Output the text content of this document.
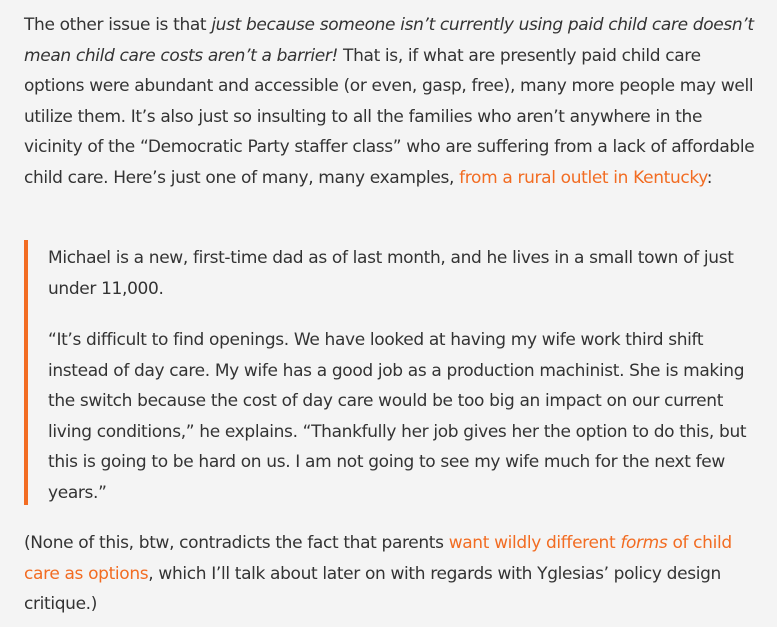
The other issue is that just because someone isn’t currently using paid child care doesn’t mean child care costs aren’t a barrier! That is, if what are presently paid child care options were abundant and accessible (or even, gasp, free), many more people may well utilize them. It’s also just so insulting to all the families who aren’t anywhere in the vicinity of the “Democratic Party staffer class” who are suffering from a lack of affordable child care. Here’s just one of many, many examples, from a rural outlet in Kentucky:

Michael is a new, first-time dad as of last month, and he lives in a small town of just under 11,000.

“It’s difficult to find openings. We have looked at having my wife work third shift instead of day care. My wife has a good job as a production machinist. She is making the switch because the cost of day care would be too big an impact on our current living conditions,” he explains. “Thankfully her job gives her the option to do this, but this is going to be hard on us. I am not going to see my wife much for the next few years.”

(None of this, btw, contradicts the fact that parents want wildly different forms of child care as options, which I’ll talk about later on with regards with Yglesias’ policy design critique.)
